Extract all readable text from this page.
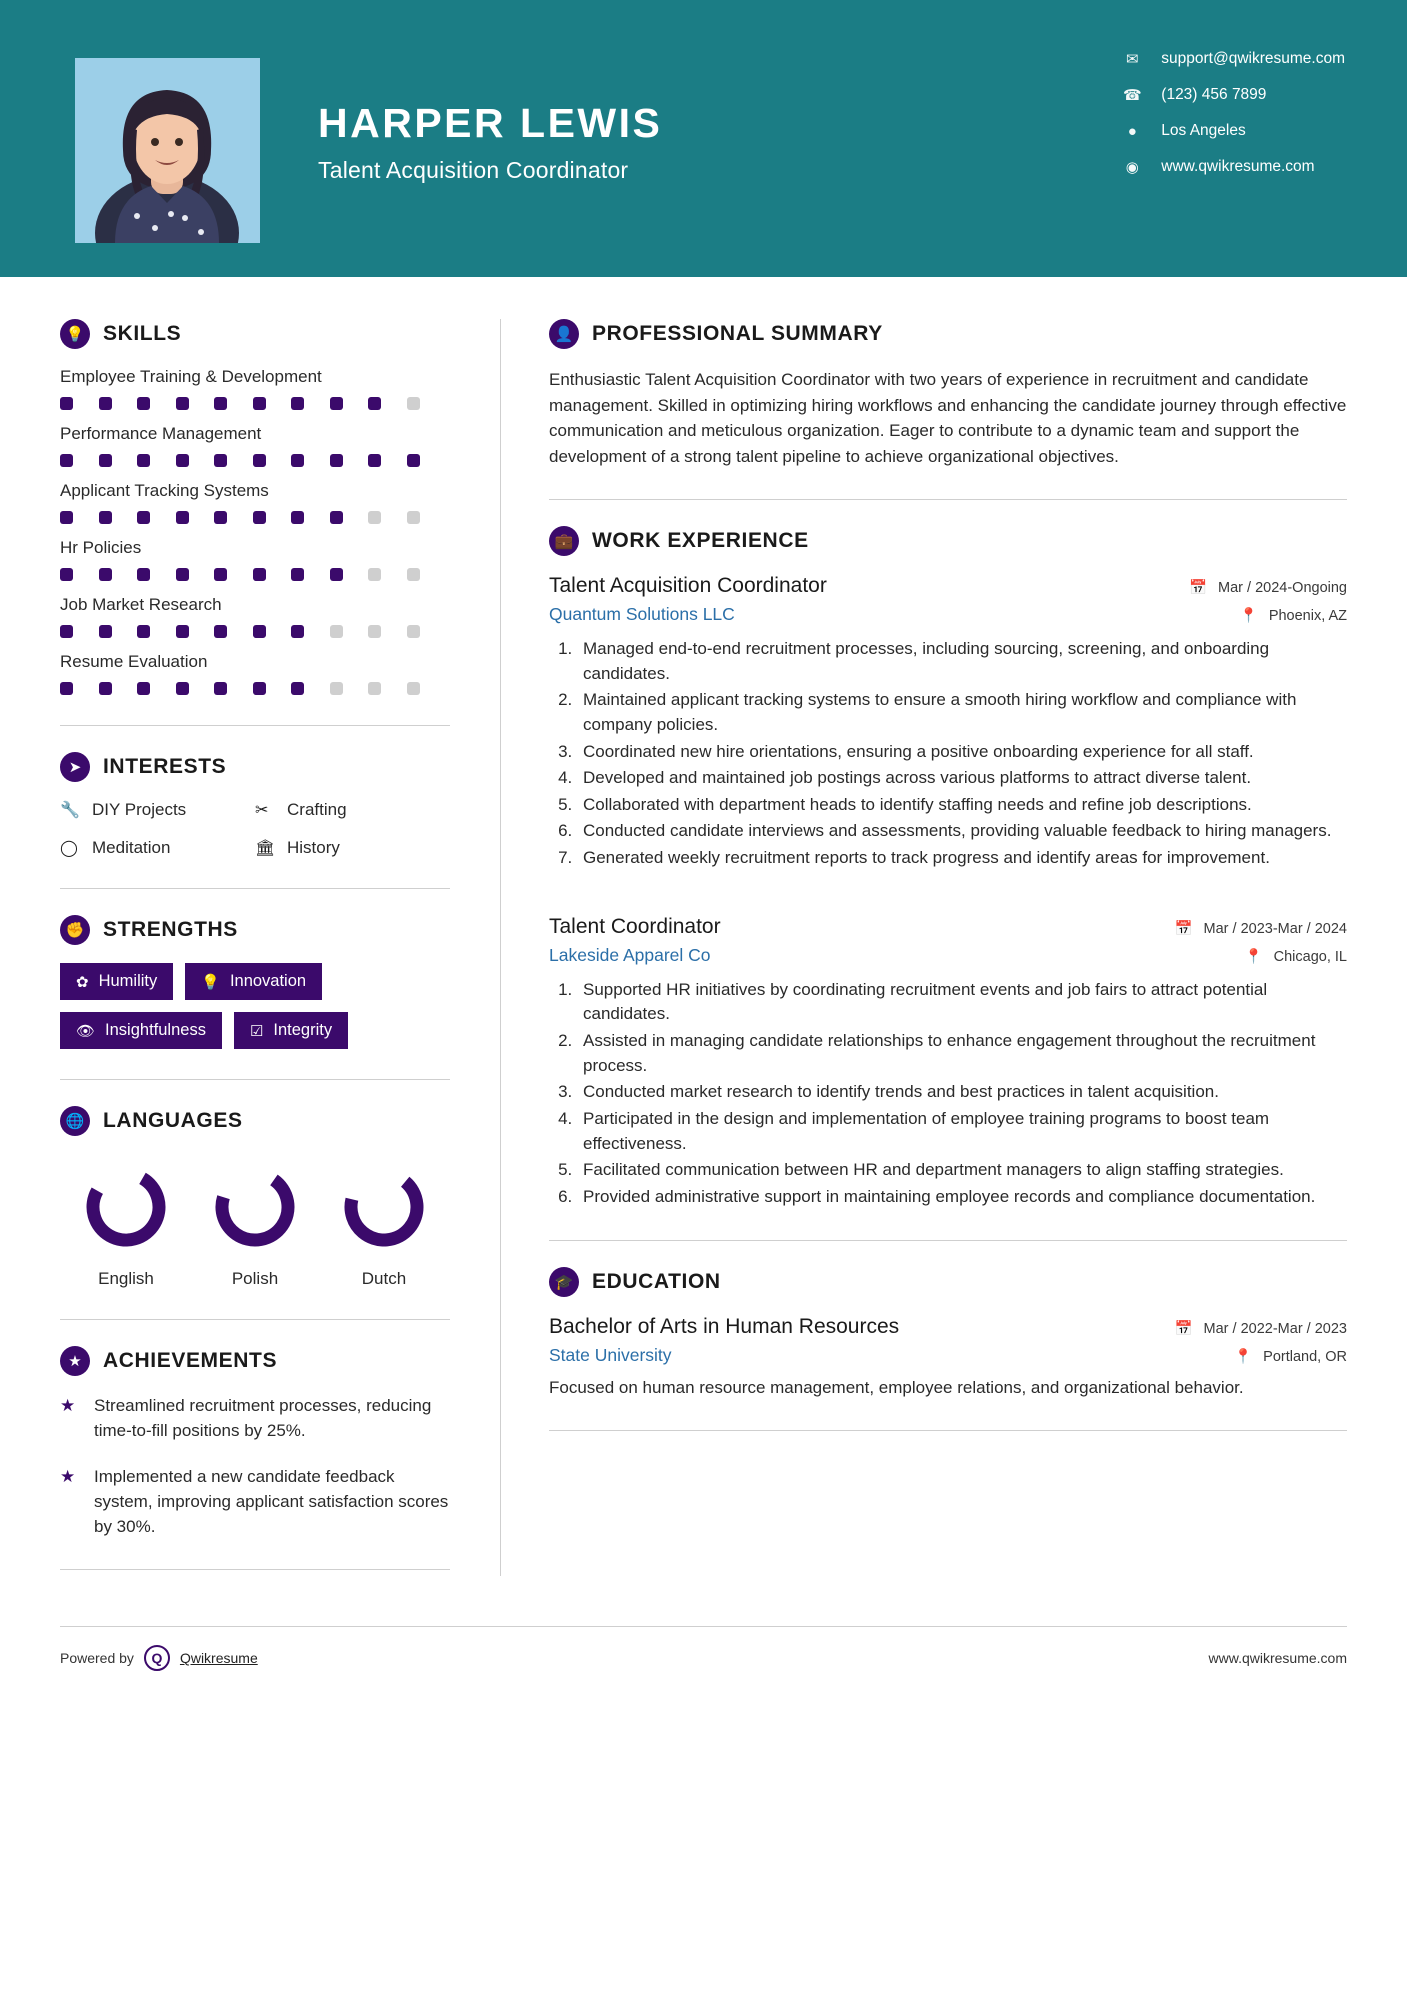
HARPER LEWIS
Talent Acquisition Coordinator
✉	support@qwikresume.com
☎ (123) 456 7899
●	Los Angeles
◉	www.qwikresume.com
💡 SKILLS
Employee Training & Development
Performance Management
Applicant Tracking Systems
Hr Policies
Job Market Research
Resume Evaluation
➤	INTERESTS
🔧 DIY Projects	✂	Crafting
◯ Meditation	🏛 History
✊ STRENGTHS
✿ Humility	💡 Innovation
👁 Insightfulness	☑ Integrity
🌐 LANGUAGES
English	Polish	Dutch
★	ACHIEVEMENTS
★	Streamlined recruitment processes, reducing time-to-fill positions by 25%.
★	Implemented a new candidate feedback system, improving applicant satisfaction scores by 30%.
👤 PROFESSIONAL SUMMARY
Enthusiastic Talent Acquisition Coordinator with two years of experience in recruitment and candidate management. Skilled in optimizing hiring workflows and enhancing the candidate journey through effective communication and meticulous organization. Eager to contribute to a dynamic team and support the development of a strong talent pipeline to achieve organizational objectives.
💼 WORK EXPERIENCE
Talent Acquisition Coordinator	📅 Mar / 2024-Ongoing
Quantum Solutions LLC	📍 Phoenix, AZ
1. Managed end-to-end recruitment processes, including sourcing, screening, and onboarding candidates.
2. Maintained applicant tracking systems to ensure a smooth hiring workflow and compliance with company policies.
3. Coordinated new hire orientations, ensuring a positive onboarding experience for all staff.
4. Developed and maintained job postings across various platforms to attract diverse talent.
5. Collaborated with department heads to identify staffing needs and refine job descriptions.
6. Conducted candidate interviews and assessments, providing valuable feedback to hiring managers.
7. Generated weekly recruitment reports to track progress and identify areas for improvement.
Talent Coordinator	📅 Mar / 2023-Mar / 2024
Lakeside Apparel Co	📍 Chicago, IL
1. Supported HR initiatives by coordinating recruitment events and job fairs to attract potential candidates.
2. Assisted in managing candidate relationships to enhance engagement throughout the recruitment process.
3. Conducted market research to identify trends and best practices in talent acquisition.
4. Participated in the design and implementation of employee training programs to boost team effectiveness.
5. Facilitated communication between HR and department managers to align staffing strategies.
6. Provided administrative support in maintaining employee records and compliance documentation.
🎓 EDUCATION
Bachelor of Arts in Human Resources	📅 Mar / 2022-Mar / 2023
State University	📍 Portland, OR
Focused on human resource management, employee relations, and organizational behavior.
Powered by	Q	Qwikresume	www.qwikresume.com
